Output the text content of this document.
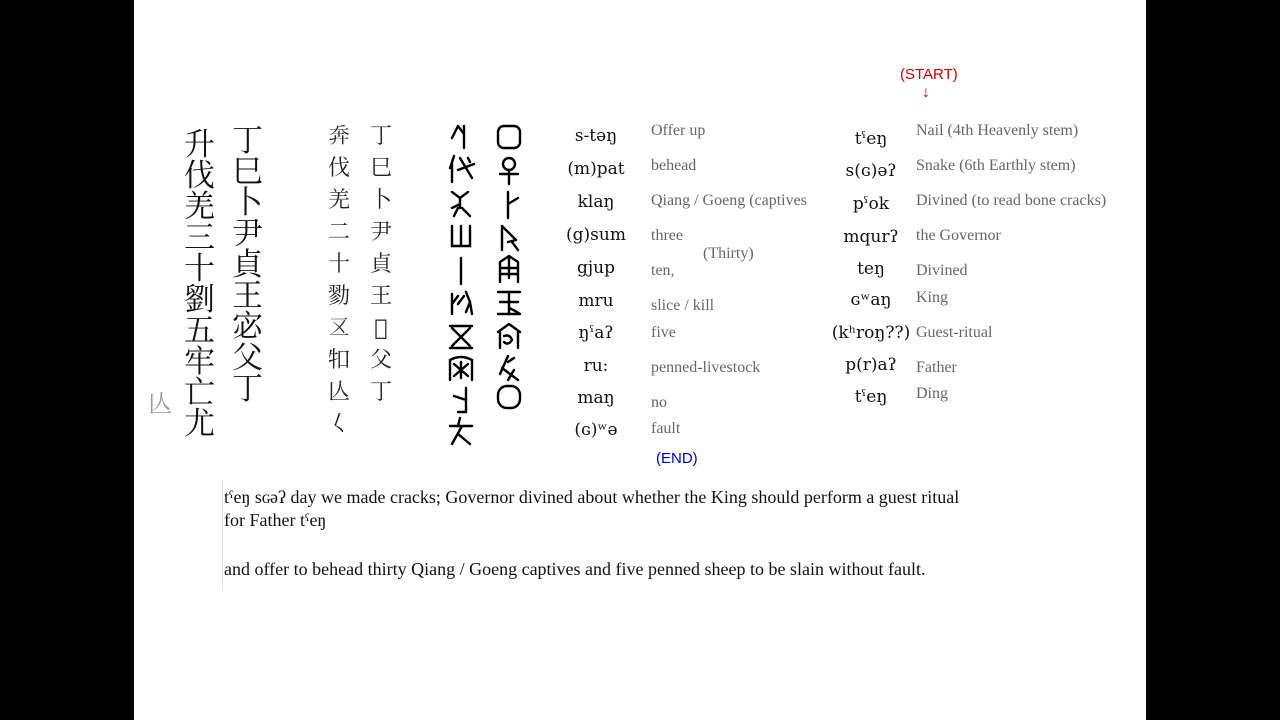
升
伐
羌
三
十
劉
五
牢
亡
尤
亾
丁
巳
卜
尹
貞
王
宓
父
丁
𢍃
伐
羌
二
十
勠
𠄡
𤘘
亾
𡿨
丁
巳
卜
尹
貞
王
𡧊
父
丁
s-təŋ
(m)pat
klaŋ
(g)sum
gjup
mru
ŋˤaʔ
ru:
maŋ
(ɢ)ʷə
Offer up
behead
Qiang / Goeng (captives
three
ten,
slice / kill
five
penned-livestock
no
fault
(Thirty)
(END)
(START)
↓
tˤeŋ
s(ɢ)əʔ
pˤok
mqurʔ
teŋ
ɢʷaŋ
(kʰroŋ??)
p(r)aʔ
tˤeŋ
Nail (4th Heavenly stem)
Snake (6th Earthly stem)
Divined (to read bone cracks)
the Governor
Divined
King
Guest-ritual
Father
Ding
tˤeŋ sɢəʔ day we made cracks; Governor divined about whether the King should perform a guest ritual
for Father tˤeŋ
and offer to behead thirty Qiang / Goeng captives and five penned sheep to be slain without fault.
